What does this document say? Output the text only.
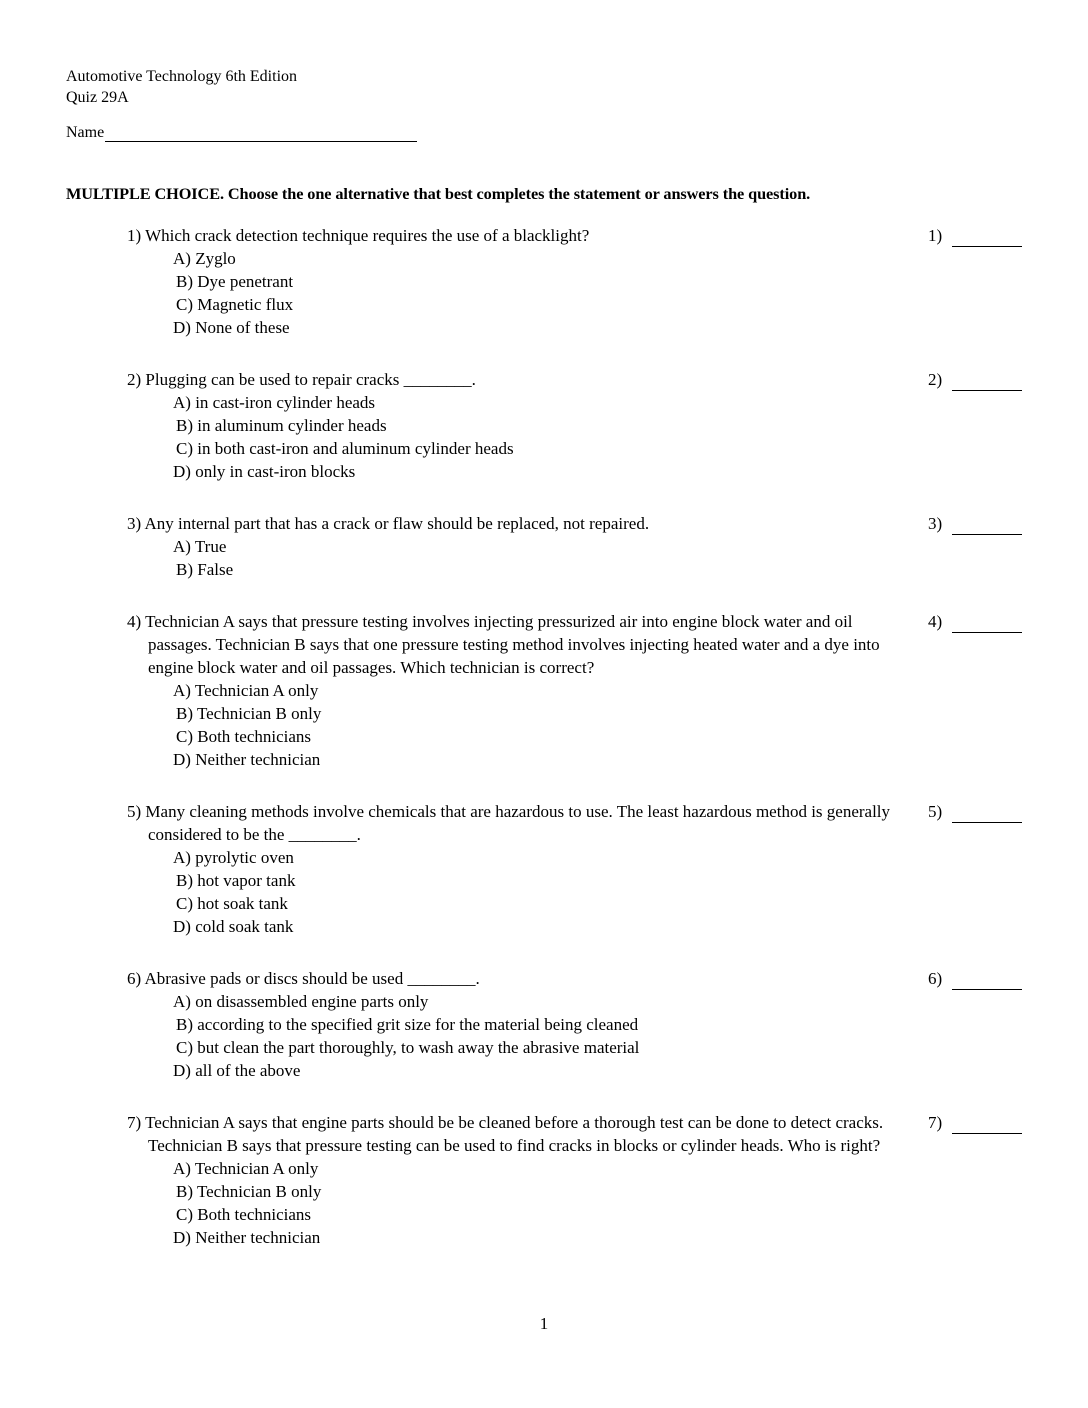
Automotive Technology 6th Edition
Quiz 29A
Name
MULTIPLE CHOICE. Choose the one alternative that best completes the statement or answers the question.
1) Which crack detection technique requires the use of a blacklight?
A) Zyglo
B) Dye penetrant
C) Magnetic flux
D) None of these
1)
2) Plugging can be used to repair cracks ________.
A) in cast-iron cylinder heads
B) in aluminum cylinder heads
C) in both cast-iron and aluminum cylinder heads
D) only in cast-iron blocks
2)
3) Any internal part that has a crack or flaw should be replaced, not repaired.
A) True
B) False
3)
4) Technician A says that pressure testing involves injecting pressurized air into engine block water and oil passages. Technician B says that one pressure testing method involves injecting heated water and a dye into engine block water and oil passages. Which technician is correct?
A) Technician A only
B) Technician B only
C) Both technicians
D) Neither technician
4)
5) Many cleaning methods involve chemicals that are hazardous to use. The least hazardous method is generally considered to be the ________.
A) pyrolytic oven
B) hot vapor tank
C) hot soak tank
D) cold soak tank
5)
6) Abrasive pads or discs should be used ________.
A) on disassembled engine parts only
B) according to the specified grit size for the material being cleaned
C) but clean the part thoroughly, to wash away the abrasive material
D) all of the above
6)
7) Technician A says that engine parts should be be cleaned before a thorough test can be done to detect cracks. Technician B says that pressure testing can be used to find cracks in blocks or cylinder heads. Who is right?
A) Technician A only
B) Technician B only
C) Both technicians
D) Neither technician
7)
1
